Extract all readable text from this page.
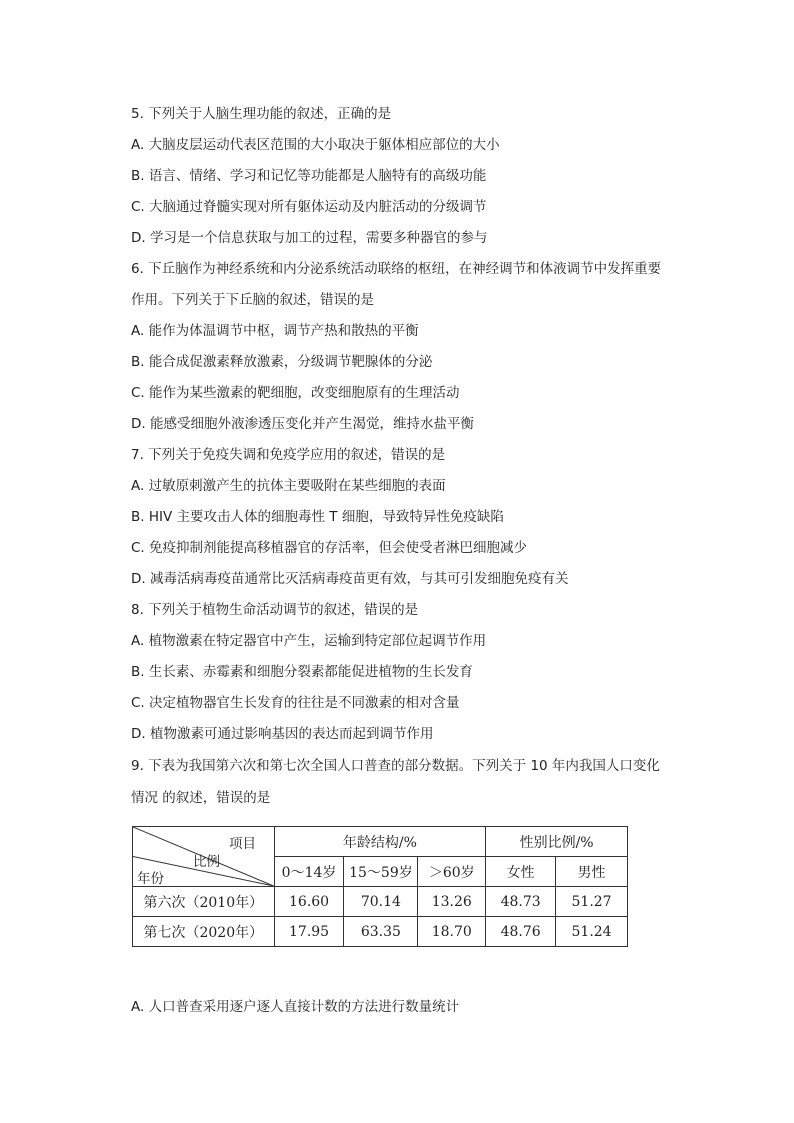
5. 下列关于人脑生理功能的叙述，正确的是
A. 大脑皮层运动代表区范围的大小取决于躯体相应部位的大小
B. 语言、情绪、学习和记忆等功能都是人脑特有的高级功能
C. 大脑通过脊髓实现对所有躯体运动及内脏活动的分级调节
D. 学习是一个信息获取与加工的过程，需要多种器官的参与
6. 下丘脑作为神经系统和内分泌系统活动联络的枢纽，在神经调节和体液调节中发挥重要
作用。下列关于下丘脑的叙述，错误的是
A. 能作为体温调节中枢，调节产热和散热的平衡
B. 能合成促激素释放激素，分级调节靶腺体的分泌
C. 能作为某些激素的靶细胞，改变细胞原有的生理活动
D. 能感受细胞外液渗透压变化并产生渴觉，维持水盐平衡
7. 下列关于免疫失调和免疫学应用的叙述，错误的是
A. 过敏原刺激产生的抗体主要吸附在某些细胞的表面
B. HIV 主要攻击人体的细胞毒性 T 细胞，导致特异性免疫缺陷
C. 免疫抑制剂能提高移植器官的存活率，但会使受者淋巴细胞减少
D. 减毒活病毒疫苗通常比灭活病毒疫苗更有效，与其可引发细胞免疫有关
8. 下列关于植物生命活动调节的叙述，错误的是
A. 植物激素在特定器官中产生，运输到特定部位起调节作用
B. 生长素、赤霉素和细胞分裂素都能促进植物的生长发育
C. 决定植物器官生长发育的往往是不同激素的相对含量
D. 植物激素可通过影响基因的表达而起到调节作用
9. 下表为我国第六次和第七次全国人口普查的部分数据。下列关于 10 年内我国人口变化
情况 的叙述，错误的是
项目
比例
年份	年龄结构/%			性别比例/%	
	0～14岁	15～59岁	＞60岁	女性	男性
第六次（2010年）	16.60	70.14	13.26	48.73	51.27
第七次（2020年）	17.95	63.35	18.70	48.76	51.24
A. 人口普查采用逐户逐人直接计数的方法进行数量统计
